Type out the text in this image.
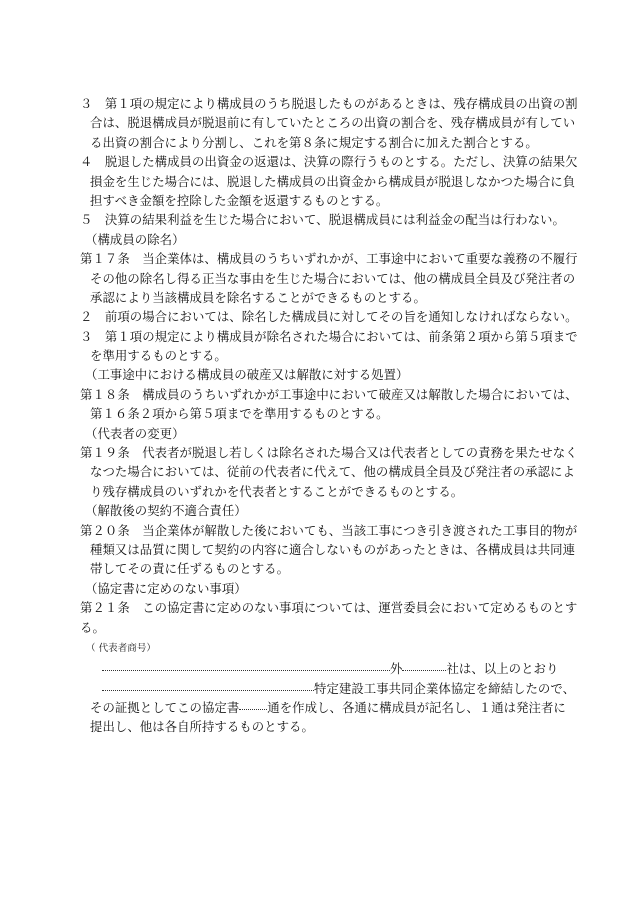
３　第１項の規定により構成員のうち脱退したものがあるときは、残存構成員の出資の割
合は、脱退構成員が脱退前に有していたところの出資の割合を、残存構成員が有してい
る出資の割合により分割し、これを第８条に規定する割合に加えた割合とする。
４　脱退した構成員の出資金の返還は、決算の際行うものとする。ただし、決算の結果欠
損金を生じた場合には、脱退した構成員の出資金から構成員が脱退しなかつた場合に負
担すべき金額を控除した金額を返還するものとする。
５　決算の結果利益を生じた場合において、脱退構成員には利益金の配当は行わない。
（構成員の除名）
第１７条　当企業体は、構成員のうちいずれかが、工事途中において重要な義務の不履行
その他の除名し得る正当な事由を生じた場合においては、他の構成員全員及び発注者の
承認により当該構成員を除名することができるものとする。
２　前項の場合においては、除名した構成員に対してその旨を通知しなければならない。
３　第１項の規定により構成員が除名された場合においては、前条第２項から第５項まで
を準用するものとする。
（工事途中における構成員の破産又は解散に対する処置）
第１８条　構成員のうちいずれかが工事途中において破産又は解散した場合においては、
第１６条２項から第５項までを準用するものとする。
（代表者の変更）
第１９条　代表者が脱退し若しくは除名された場合又は代表者としての責務を果たせなく
なつた場合においては、従前の代表者に代えて、他の構成員全員及び発注者の承認によ
り残存構成員のいずれかを代表者とすることができるものとする。
（解散後の契約不適合責任）
第２０条　当企業体が解散した後においても、当該工事につき引き渡された工事目的物が
種類又は品質に関して契約の内容に適合しないものがあったときは、各構成員は共同連
帯してその責に任ずるものとする。
（協定書に定めのない事項）
第２１条　この協定書に定めのない事項については、運営委員会において定めるものとす
る。
（ 代表者商号）
外	社は、以上のとおり
特定建設工事共同企業体協定を締結したので、
その証拠としてこの協定書 通を作成し、各通に構成員が記名し、１通は発注者に
提出し、他は各自所持するものとする。
